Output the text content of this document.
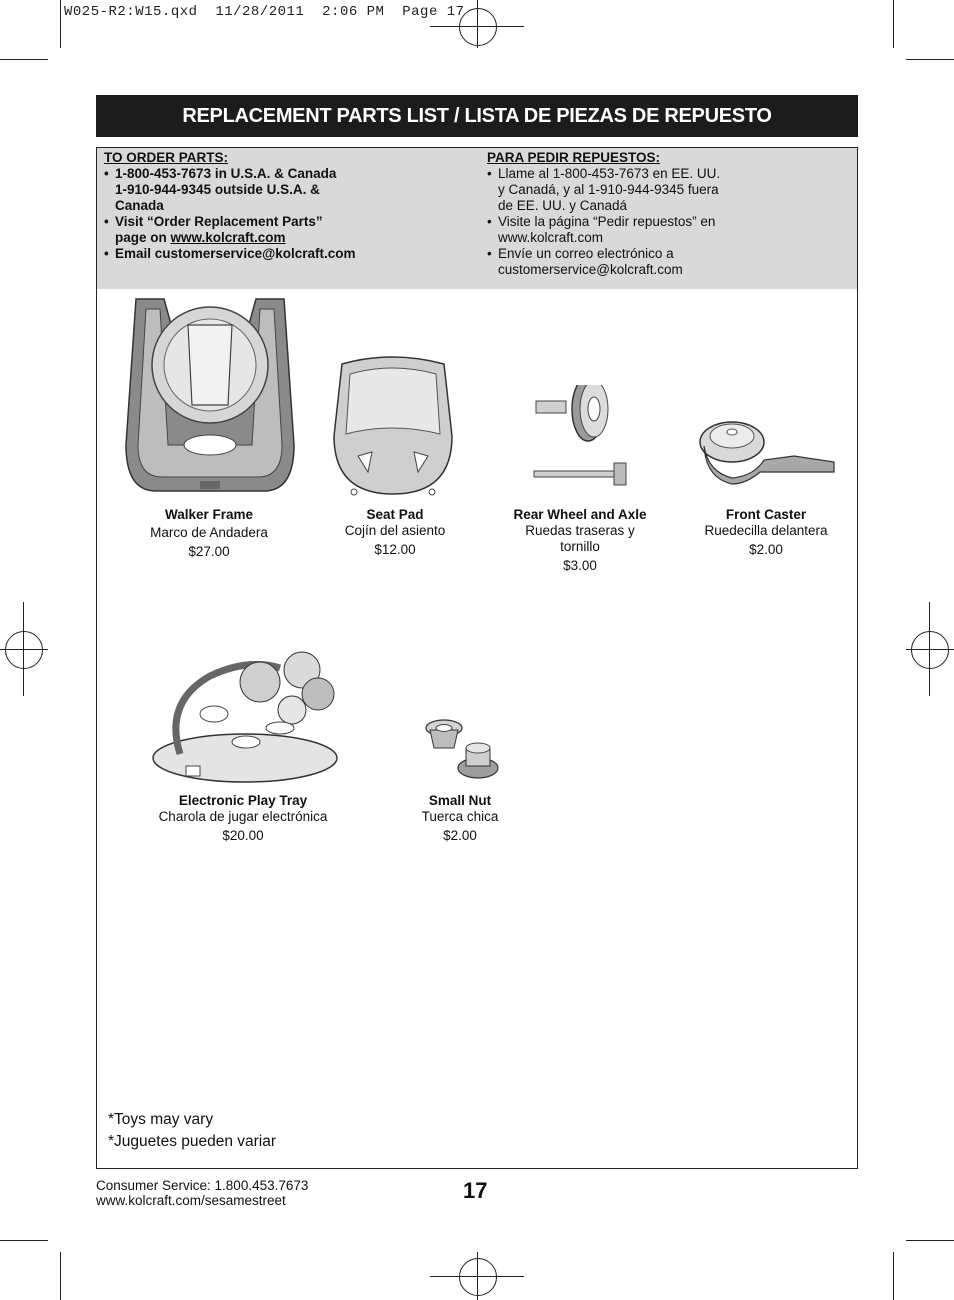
W025-R2:W15.qxd  11/28/2011  2:06 PM  Page 17
REPLACEMENT PARTS LIST / LISTA DE PIEZAS DE REPUESTO
TO ORDER PARTS:
• 1-800-453-7673 in U.S.A. & Canada
1-910-944-9345 outside U.S.A. &
Canada
• Visit “Order Replacement Parts”
page on www.kolcraft.com
• Email customerservice@kolcraft.com
PARA PEDIR REPUESTOS:
• Llame al 1-800-453-7673 en EE. UU.
y Canadá, y al 1-910-944-9345 fuera
de EE. UU. y Canadá
• Visite la página “Pedir repuestos” en
www.kolcraft.com
• Envíe un correo electrónico a
customerservice@kolcraft.com
Walker Frame
Marco de Andadera
$27.00
Seat Pad
Cojín del asiento
$12.00
Rear Wheel and Axle
Ruedas traseras y
tornillo
$3.00
Front Caster
Ruedecilla delantera
$2.00
Electronic Play Tray
Charola de jugar electrónica
$20.00
Small Nut
Tuerca chica
$2.00
*Toys may vary
*Juguetes pueden variar
Consumer Service: 1.800.453.7673
www.kolcraft.com/sesamestreet	17
